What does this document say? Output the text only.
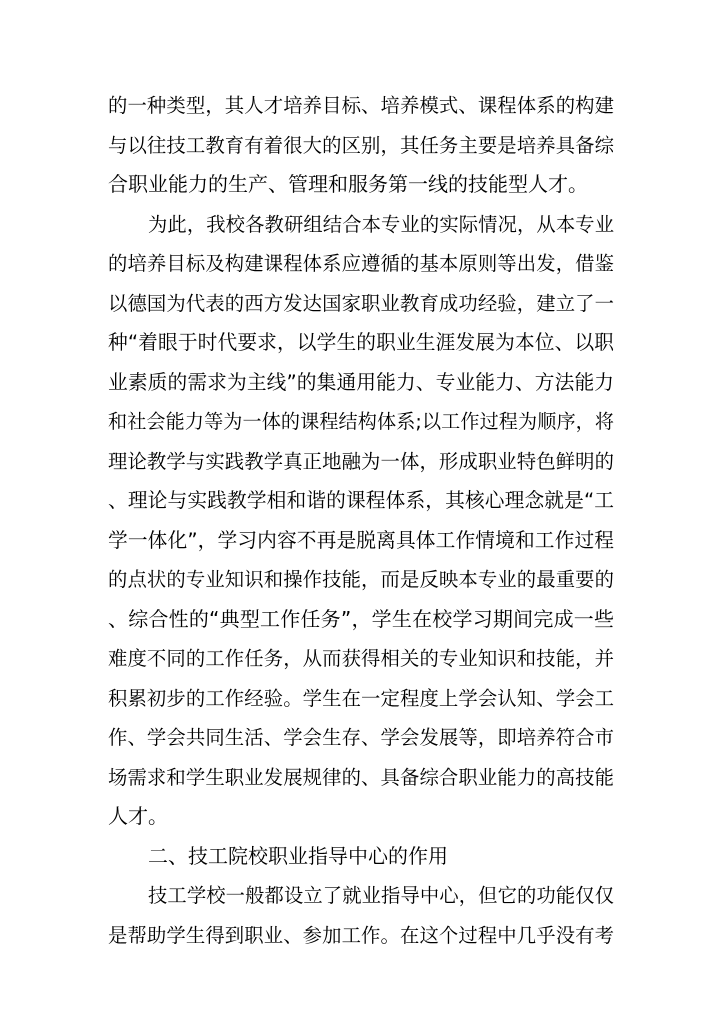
的一种类型，其人才培养目标、培养模式、课程体系的构建
与以往技工教育有着很大的区别，其任务主要是培养具备综
合职业能力的生产、管理和服务第一线的技能型人才。
为此，我校各教研组结合本专业的实际情况，从本专业
的培养目标及构建课程体系应遵循的基本原则等出发，借鉴
以德国为代表的西方发达国家职业教育成功经验，建立了一
种“着眼于时代要求，以学生的职业生涯发展为本位、以职
业素质的需求为主线”的集通用能力、专业能力、方法能力
和社会能力等为一体的课程结构体系;以工作过程为顺序，将
理论教学与实践教学真正地融为一体，形成职业特色鲜明的
、理论与实践教学相和谐的课程体系，其核心理念就是“工
学一体化”，学习内容不再是脱离具体工作情境和工作过程
的点状的专业知识和操作技能，而是反映本专业的最重要的
、综合性的“典型工作任务”，学生在校学习期间完成一些
难度不同的工作任务，从而获得相关的专业知识和技能，并
积累初步的工作经验。学生在一定程度上学会认知、学会工
作、学会共同生活、学会生存、学会发展等，即培养符合市
场需求和学生职业发展规律的、具备综合职业能力的高技能
人才。
二、技工院校职业指导中心的作用
技工学校一般都设立了就业指导中心，但它的功能仅仅
是帮助学生得到职业、参加工作。在这个过程中几乎没有考
